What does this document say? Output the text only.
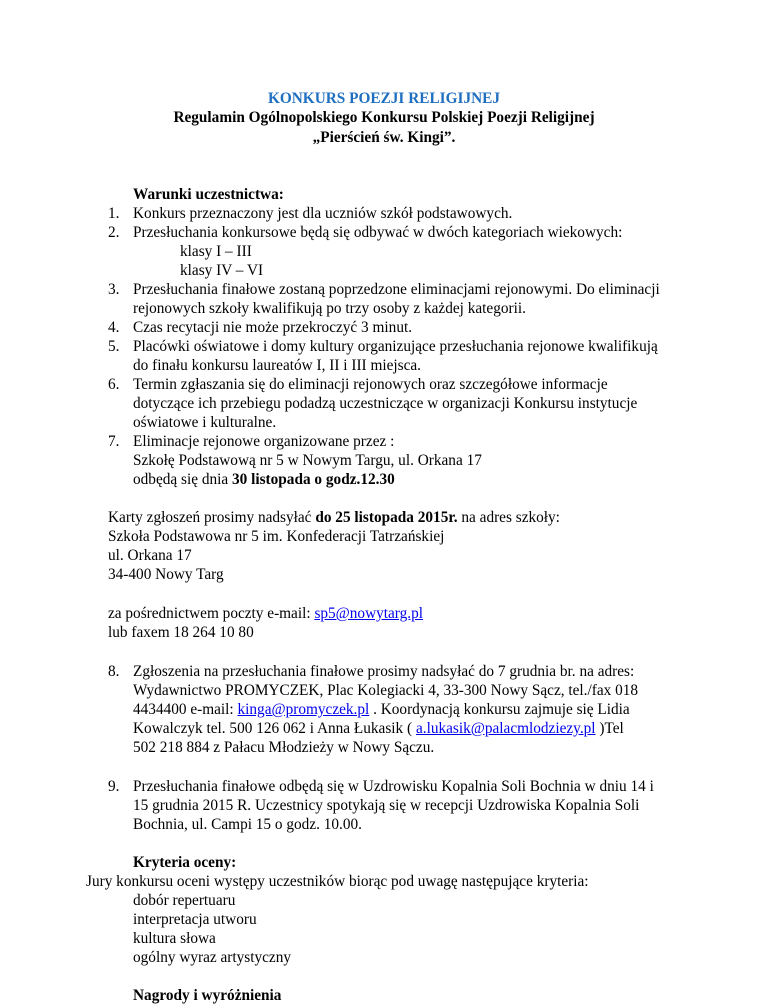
KONKURS POEZJI RELIGIJNEJ
Regulamin Ogólnopolskiego Konkursu Polskiej Poezji Religijnej
„Pierścień św. Kingi”.
Warunki uczestnictwa:
1. Konkurs przeznaczony jest dla uczniów szkół podstawowych.
2. Przesłuchania konkursowe będą się odbywać w dwóch kategoriach wiekowych:
klasy I – III
klasy IV – VI
3. Przesłuchania finałowe zostaną poprzedzone eliminacjami rejonowymi. Do eliminacji
rejonowych szkoły kwalifikują po trzy osoby z każdej kategorii.
4. Czas recytacji nie może przekroczyć 3 minut.
5. Placówki oświatowe i domy kultury organizujące przesłuchania rejonowe kwalifikują
do finału konkursu laureatów I, II i III miejsca.
6. Termin zgłaszania się do eliminacji rejonowych oraz szczegółowe informacje
dotyczące ich przebiegu podadzą uczestniczące w organizacji Konkursu instytucje
oświatowe i kulturalne.
7. Eliminacje rejonowe organizowane przez :
Szkołę Podstawową nr 5 w Nowym Targu, ul. Orkana 17
odbędą się dnia 30 listopada o godz.12.30
Karty zgłoszeń prosimy nadsyłać do 25 listopada 2015r. na adres szkoły:
Szkoła Podstawowa nr 5 im. Konfederacji Tatrzańskiej
ul. Orkana 17
34-400 Nowy Targ
za pośrednictwem poczty e-mail: sp5@nowytarg.pl
lub faxem 18 264 10 80
8. Zgłoszenia na przesłuchania finałowe prosimy nadsyłać do 7 grudnia br. na adres:
Wydawnictwo PROMYCZEK, Plac Kolegiacki 4, 33-300 Nowy Sącz, tel./fax 018
4434400 e-mail: kinga@promyczek.pl . Koordynacją konkursu zajmuje się Lidia
Kowalczyk tel. 500 126 062 i Anna Łukasik ( a.lukasik@palacmlodziezy.pl )Tel
502 218 884 z Pałacu Młodzieży w Nowy Sączu.
9. Przesłuchania finałowe odbędą się w Uzdrowisku Kopalnia Soli Bochnia w dniu 14 i
15 grudnia 2015 R. Uczestnicy spotykają się w recepcji Uzdrowiska Kopalnia Soli
Bochnia, ul. Campi 15 o godz. 10.00.
Kryteria oceny:
Jury konkursu oceni występy uczestników biorąc pod uwagę następujące kryteria:
dobór repertuaru
interpretacja utworu
kultura słowa
ogólny wyraz artystyczny
Nagrody i wyróżnienia
